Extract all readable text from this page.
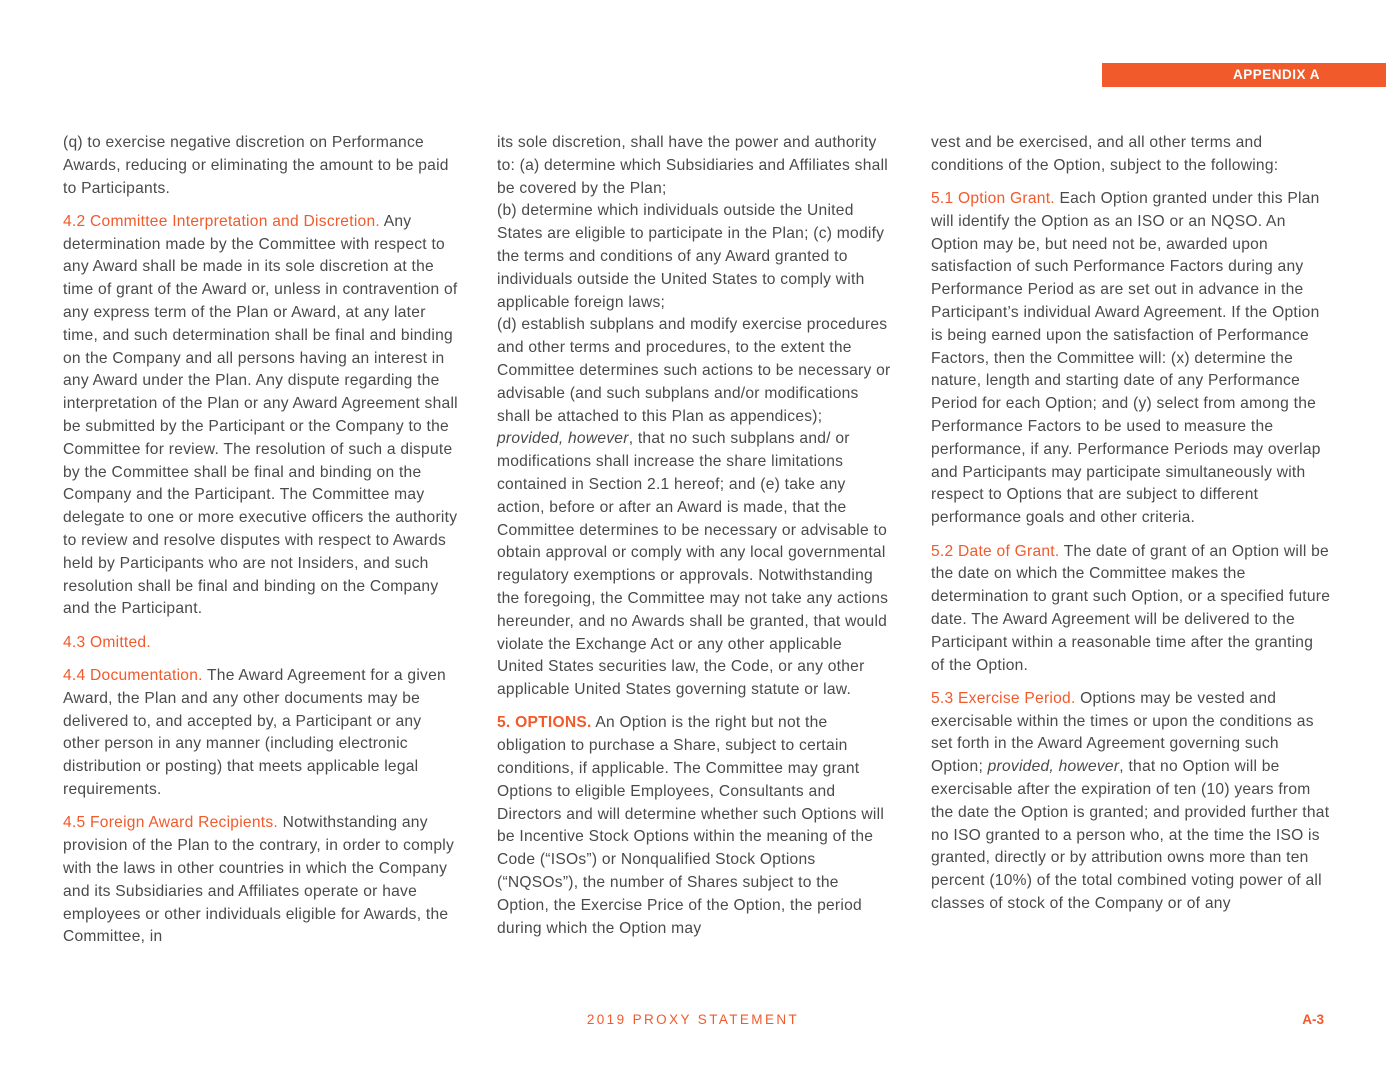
APPENDIX A

(q) to exercise negative discretion on Performance Awards, reducing or eliminating the amount to be paid to Participants.

4.2 Committee Interpretation and Discretion. Any determination made by the Committee with respect to any Award shall be made in its sole discretion at the time of grant of the Award or, unless in contravention of any express term of the Plan or Award, at any later time, and such determination shall be final and binding on the Company and all persons having an interest in any Award under the Plan. Any dispute regarding the interpretation of the Plan or any Award Agreement shall be submitted by the Participant or the Company to the Committee for review. The resolution of such a dispute by the Committee shall be final and binding on the Company and the Participant. The Committee may delegate to one or more executive officers the authority to review and resolve disputes with respect to Awards held by Participants who are not Insiders, and such resolution shall be final and binding on the Company and the Participant.

4.3 Omitted.

4.4 Documentation. The Award Agreement for a given Award, the Plan and any other documents may be delivered to, and accepted by, a Participant or any other person in any manner (including electronic distribution or posting) that meets applicable legal requirements.

4.5 Foreign Award Recipients. Notwithstanding any provision of the Plan to the contrary, in order to comply with the laws in other countries in which the Company and its Subsidiaries and Affiliates operate or have employees or other individuals eligible for Awards, the Committee, in

its sole discretion, shall have the power and authority to: (a) determine which Subsidiaries and Affiliates shall be covered by the Plan;
(b) determine which individuals outside the United States are eligible to participate in the Plan; (c) modify the terms and conditions of any Award granted to individuals outside the United States to comply with applicable foreign laws;
(d) establish subplans and modify exercise procedures and other terms and procedures, to the extent the Committee determines such actions to be necessary or advisable (and such subplans and/or modifications shall be attached to this Plan as appendices); provided, however, that no such subplans and/ or modifications shall increase the share limitations contained in Section 2.1 hereof; and (e) take any action, before or after an Award is made, that the Committee determines to be necessary or advisable to obtain approval or comply with any local governmental regulatory exemptions or approvals. Notwithstanding the foregoing, the Committee may not take any actions hereunder, and no Awards shall be granted, that would violate the Exchange Act or any other applicable United States securities law, the Code, or any other applicable United States governing statute or law.

5. OPTIONS. An Option is the right but not the obligation to purchase a Share, subject to certain conditions, if applicable. The Committee may grant Options to eligible Employees, Consultants and Directors and will determine whether such Options will be Incentive Stock Options within the meaning of the Code (“ISOs”) or Nonqualified Stock Options (“NQSOs”), the number of Shares subject to the Option, the Exercise Price of the Option, the period during which the Option may

vest and be exercised, and all other terms and conditions of the Option, subject to the following:

5.1 Option Grant. Each Option granted under this Plan will identify the Option as an ISO or an NQSO. An Option may be, but need not be, awarded upon satisfaction of such Performance Factors during any Performance Period as are set out in advance in the Participant’s individual Award Agreement. If the Option is being earned upon the satisfaction of Performance Factors, then the Committee will: (x) determine the nature, length and starting date of any Performance Period for each Option; and (y) select from among the Performance Factors to be used to measure the performance, if any. Performance Periods may overlap and Participants may participate simultaneously with respect to Options that are subject to different performance goals and other criteria.

5.2 Date of Grant. The date of grant of an Option will be the date on which the Committee makes the determination to grant such Option, or a specified future date. The Award Agreement will be delivered to the Participant within a reasonable time after the granting of the Option.

5.3 Exercise Period. Options may be vested and exercisable within the times or upon the conditions as set forth in the Award Agreement governing such Option; provided, however, that no Option will be exercisable after the expiration of ten (10) years from the date the Option is granted; and provided further that no ISO granted to a person who, at the time the ISO is granted, directly or by attribution owns more than ten percent (10%) of the total combined voting power of all classes of stock of the Company or of any

2019 PROXY STATEMENT	A-3
